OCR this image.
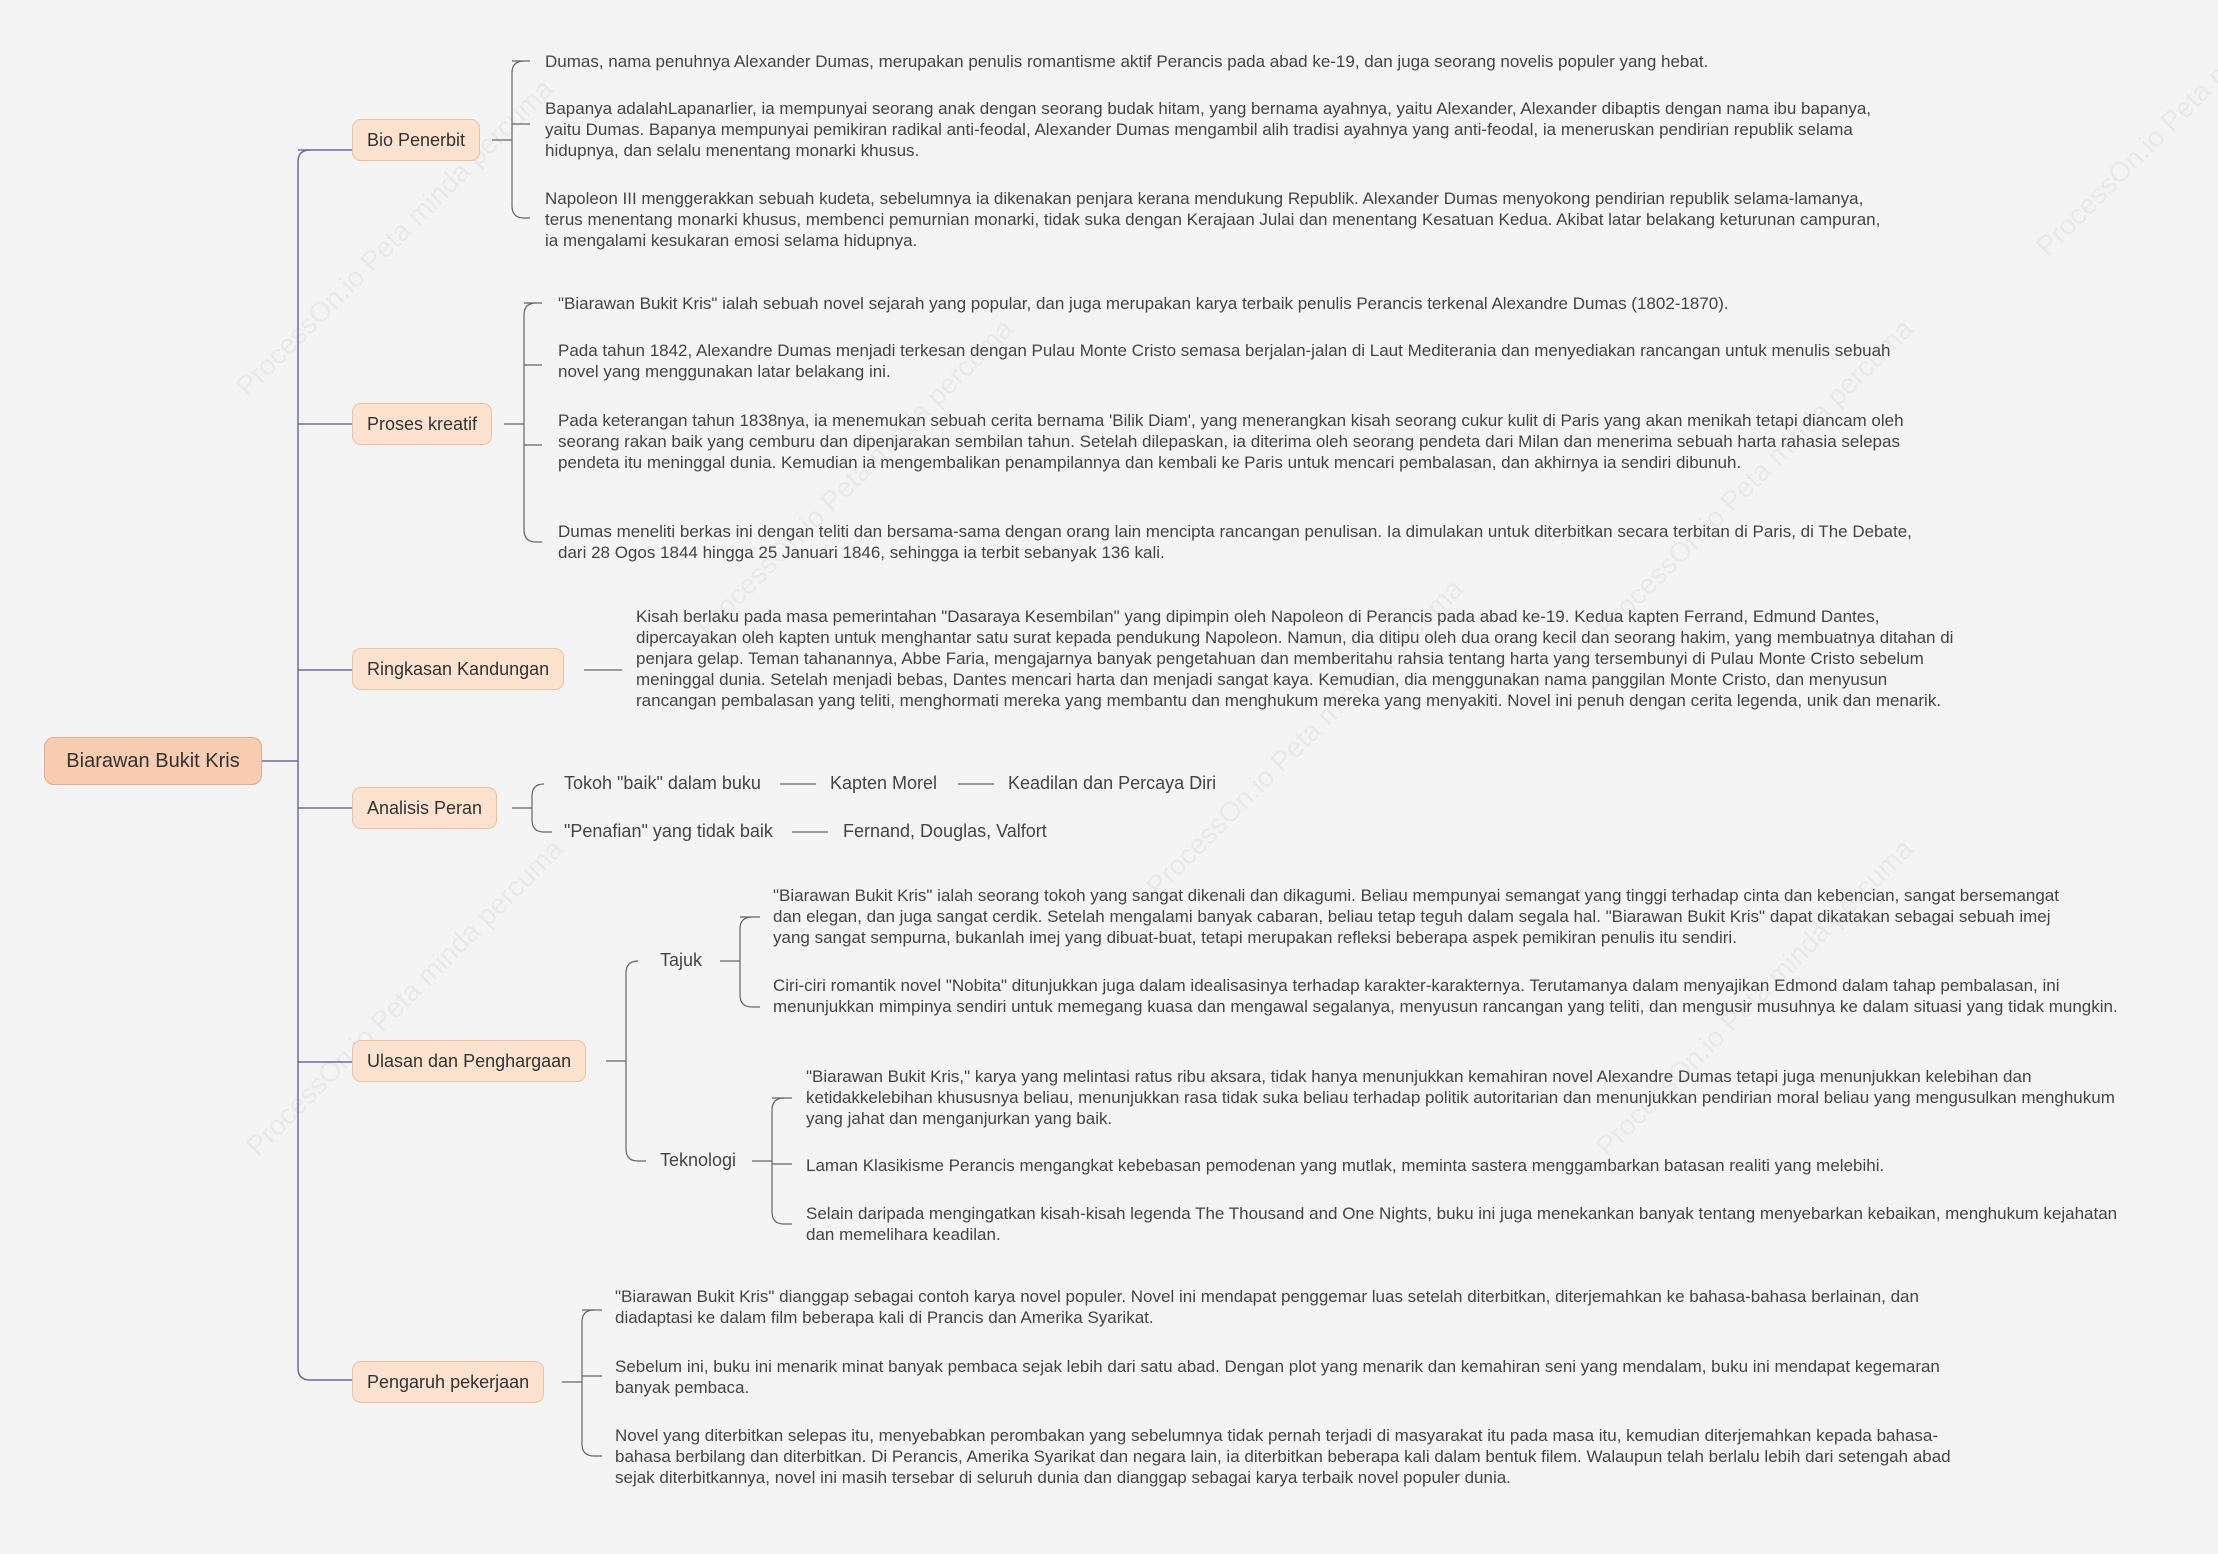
Biarawan Bukit Kris
Bio Penerbit
Dumas, nama penuhnya Alexander Dumas, merupakan penulis romantisme aktif Perancis pada abad ke-19, dan juga seorang novelis populer yang hebat.
Bapanya adalahLapanarlier, ia mempunyai seorang anak dengan seorang budak hitam, yang bernama ayahnya, yaitu Alexander, Alexander dibaptis dengan nama ibu bapanya, yaitu Dumas. Bapanya mempunyai pemikiran radikal anti-feodal, Alexander Dumas mengambil alih tradisi ayahnya yang anti-feodal, ia meneruskan pendirian republik selama hidupnya, dan selalu menentang monarki khusus.
Napoleon III menggerakkan sebuah kudeta, sebelumnya ia dikenakan penjara kerana mendukung Republik. Alexander Dumas menyokong pendirian republik selama-lamanya, terus menentang monarki khusus, membenci pemurnian monarki, tidak suka dengan Kerajaan Julai dan menentang Kesatuan Kedua. Akibat latar belakang keturunan campuran, ia mengalami kesukaran emosi selama hidupnya.
Proses kreatif
"Biarawan Bukit Kris" ialah sebuah novel sejarah yang popular, dan juga merupakan karya terbaik penulis Perancis terkenal Alexandre Dumas (1802-1870).
Pada tahun 1842, Alexandre Dumas menjadi terkesan dengan Pulau Monte Cristo semasa berjalan-jalan di Laut Mediterania dan menyediakan rancangan untuk menulis sebuah novel yang menggunakan latar belakang ini.
Pada keterangan tahun 1838nya, ia menemukan sebuah cerita bernama 'Bilik Diam', yang menerangkan kisah seorang cukur kulit di Paris yang akan menikah tetapi diancam oleh seorang rakan baik yang cemburu dan dipenjarakan sembilan tahun. Setelah dilepaskan, ia diterima oleh seorang pendeta dari Milan dan menerima sebuah harta rahasia selepas pendeta itu meninggal dunia. Kemudian ia mengembalikan penampilannya dan kembali ke Paris untuk mencari pembalasan, dan akhirnya ia sendiri dibunuh.
Dumas meneliti berkas ini dengan teliti dan bersama-sama dengan orang lain mencipta rancangan penulisan. Ia dimulakan untuk diterbitkan secara terbitan di Paris, di The Debate, dari 28 Ogos 1844 hingga 25 Januari 1846, sehingga ia terbit sebanyak 136 kali.
Ringkasan Kandungan
Kisah berlaku pada masa pemerintahan "Dasaraya Kesembilan" yang dipimpin oleh Napoleon di Perancis pada abad ke-19. Kedua kapten Ferrand, Edmund Dantes, dipercayakan oleh kapten untuk menghantar satu surat kepada pendukung Napoleon. Namun, dia ditipu oleh dua orang kecil dan seorang hakim, yang membuatnya ditahan di penjara gelap. Teman tahanannya, Abbe Faria, mengajarnya banyak pengetahuan dan memberitahu rahsia tentang harta yang tersembunyi di Pulau Monte Cristo sebelum meninggal dunia. Setelah menjadi bebas, Dantes mencari harta dan menjadi sangat kaya. Kemudian, dia menggunakan nama panggilan Monte Cristo, dan menyusun rancangan pembalasan yang teliti, menghormati mereka yang membantu dan menghukum mereka yang menyakiti. Novel ini penuh dengan cerita legenda, unik dan menarik.
Analisis Peran
Tokoh "baik" dalam buku	Kapten Morel	Keadilan dan Percaya Diri
"Penafian" yang tidak baik	Fernand, Douglas, Valfort
Ulasan dan Penghargaan
Tajuk
"Biarawan Bukit Kris" ialah seorang tokoh yang sangat dikenali dan dikagumi. Beliau mempunyai semangat yang tinggi terhadap cinta dan kebencian, sangat bersemangat dan elegan, dan juga sangat cerdik. Setelah mengalami banyak cabaran, beliau tetap teguh dalam segala hal. "Biarawan Bukit Kris" dapat dikatakan sebagai sebuah imej yang sangat sempurna, bukanlah imej yang dibuat-buat, tetapi merupakan refleksi beberapa aspek pemikiran penulis itu sendiri.
Ciri-ciri romantik novel "Nobita" ditunjukkan juga dalam idealisasinya terhadap karakter-karakternya. Terutamanya dalam menyajikan Edmond dalam tahap pembalasan, ini menunjukkan mimpinya sendiri untuk memegang kuasa dan mengawal segalanya, menyusun rancangan yang teliti, dan mengusir musuhnya ke dalam situasi yang tidak mungkin.
Teknologi
"Biarawan Bukit Kris," karya yang melintasi ratus ribu aksara, tidak hanya menunjukkan kemahiran novel Alexandre Dumas tetapi juga menunjukkan kelebihan dan ketidakkelebihan khususnya beliau, menunjukkan rasa tidak suka beliau terhadap politik autoritarian dan menunjukkan pendirian moral beliau yang mengusulkan menghukum yang jahat dan menganjurkan yang baik.
Laman Klasikisme Perancis mengangkat kebebasan pemodenan yang mutlak, meminta sastera menggambarkan batasan realiti yang melebihi.
Selain daripada mengingatkan kisah-kisah legenda The Thousand and One Nights, buku ini juga menekankan banyak tentang menyebarkan kebaikan, menghukum kejahatan dan memelihara keadilan.
Pengaruh pekerjaan
"Biarawan Bukit Kris" dianggap sebagai contoh karya novel populer. Novel ini mendapat penggemar luas setelah diterbitkan, diterjemahkan ke bahasa-bahasa berlainan, dan diadaptasi ke dalam film beberapa kali di Prancis dan Amerika Syarikat.
Sebelum ini, buku ini menarik minat banyak pembaca sejak lebih dari satu abad. Dengan plot yang menarik dan kemahiran seni yang mendalam, buku ini mendapat kegemaran banyak pembaca.
Novel yang diterbitkan selepas itu, menyebabkan perombakan yang sebelumnya tidak pernah terjadi di masyarakat itu pada masa itu, kemudian diterjemahkan kepada bahasa-bahasa berbilang dan diterbitkan. Di Perancis, Amerika Syarikat dan negara lain, ia diterbitkan beberapa kali dalam bentuk filem. Walaupun telah berlalu lebih dari setengah abad sejak diterbitkannya, novel ini masih tersebar di seluruh dunia dan dianggap sebagai karya terbaik novel populer dunia.
